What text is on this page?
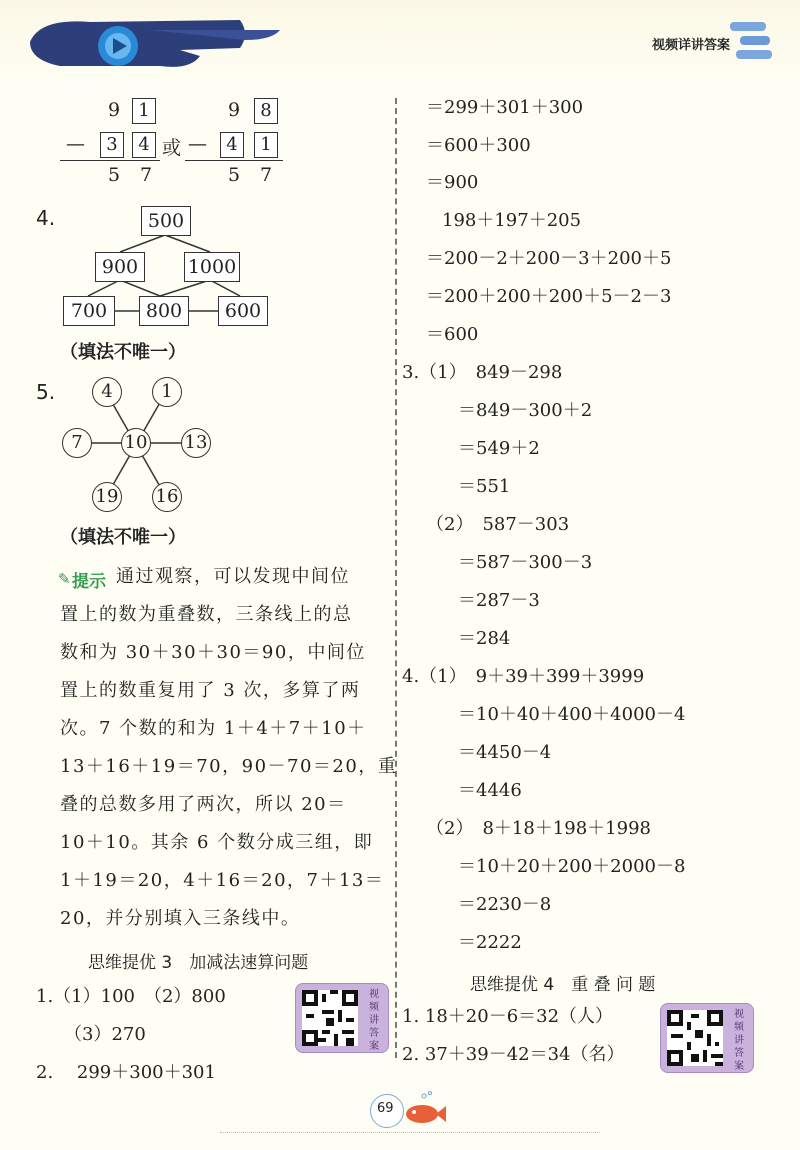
视频详讲答案
9	1
—	3	4
5 7
或
9	8
—	4	1
5 7
4.	500
900	1000
700	800	600
（填法不唯一）
5.	4	1
7	10 13
19 16
（填法不唯一）
✎ 提示 通过观察，可以发现中间位
置上的数为重叠数，三条线上的总
数和为 30＋30＋30＝90，中间位
置上的数重复用了 3 次，多算了两
次。7 个数的和为 1＋4＋7＋10＋
13＋16＋19＝70，90－70＝20，重
叠的总数多用了两次，所以 20＝
10＋10。其余 6 个数分成三组，即
1＋19＝20，4＋16＝20，7＋13＝
20，并分别填入三条线中。
思维提优 3　加减法速算问题
1.（1）100　（2）800
（3）270
2.　 299＋300＋301
视频讲答案
＝299＋301＋300
＝600＋300
＝900
198＋197＋205
＝200－2＋200－3＋200＋5
＝200＋200＋200＋5－2－3
＝600
3.（1）　849－298
＝849－300＋2
＝549＋2
＝551
（2）　587－303
＝587－300－3
＝287－3
＝284
4.（1）　9＋39＋399＋3999
＝10＋40＋400＋4000－4
＝4450－4
＝4446
（2）　8＋18＋198＋1998
＝10＋20＋200＋2000－8
＝2230－8
＝2222
思维提优 4　重 叠 问 题
1. 18＋20－6＝32（人）
2. 37＋39－42＝34（名）
视频讲答案
69
